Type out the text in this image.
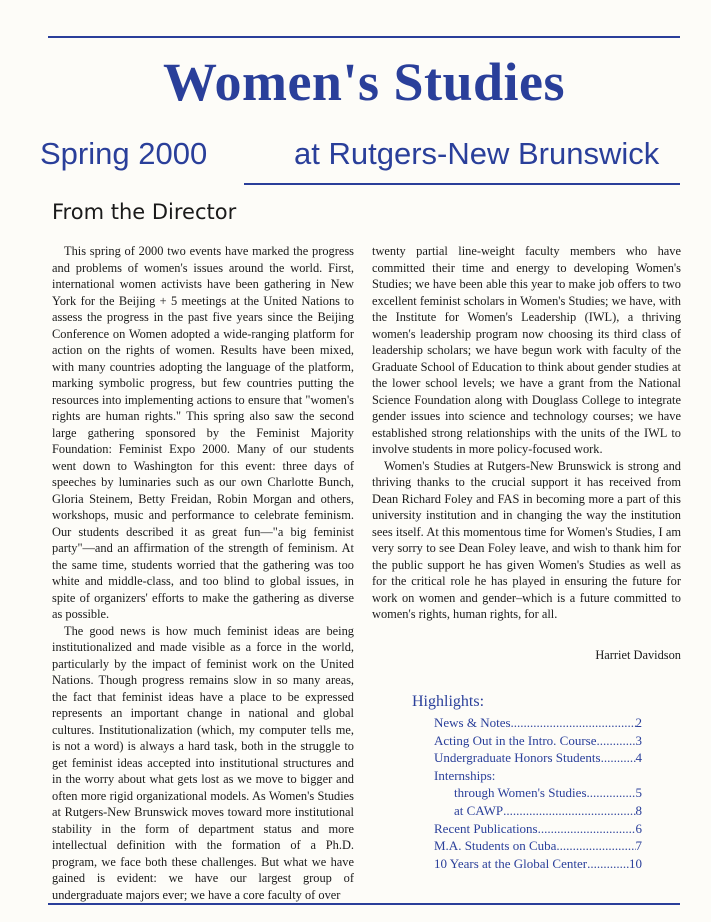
Women's Studies
Spring 2000	at Rutgers-New Brunswick
From the Director

This spring of 2000 two events have marked the progress and problems of women's issues around the world. First, international women activists have been gathering in New York for the Beijing + 5 meetings at the United Nations to assess the progress in the past five years since the Beijing Conference on Women adopted a wide-ranging platform for action on the rights of women. Results have been mixed, with many countries adopting the language of the platform, marking symbolic progress, but few countries putting the resources into implementing actions to ensure that "women's rights are human rights." This spring also saw the second large gathering sponsored by the Feminist Majority Foundation: Feminist Expo 2000. Many of our students went down to Washington for this event: three days of speeches by luminaries such as our own Charlotte Bunch, Gloria Steinem, Betty Freidan, Robin Morgan and others, workshops, music and performance to celebrate feminism. Our students described it as great fun—"a big feminist party"—and an affirmation of the strength of feminism. At the same time, students worried that the gathering was too white and middle-class, and too blind to global issues, in spite of organizers' efforts to make the gathering as diverse as possible.

The good news is how much feminist ideas are being institutionalized and made visible as a force in the world, particularly by the impact of feminist work on the United Nations. Though progress remains slow in so many areas, the fact that feminist ideas have a place to be expressed represents an important change in national and global cultures. Institutionalization (which, my computer tells me, is not a word) is always a hard task, both in the struggle to get feminist ideas accepted into institutional structures and in the worry about what gets lost as we move to bigger and often more rigid organizational models. As Women's Studies at Rutgers-New Brunswick moves toward more institutional stability in the form of department status and more intellectual definition with the formation of a Ph.D. program, we face both these challenges. But what we have gained is evident: we have our largest group of undergraduate majors ever; we have a core faculty of over

twenty partial line-weight faculty members who have committed their time and energy to developing Women's Studies; we have been able this year to make job offers to two excellent feminist scholars in Women's Studies; we have, with the Institute for Women's Leadership (IWL), a thriving women's leadership program now choosing its third class of leadership scholars; we have begun work with faculty of the Graduate School of Education to think about gender studies at the lower school levels; we have a grant from the National Science Foundation along with Douglass College to integrate gender issues into science and technology courses; we have established strong relationships with the units of the IWL to involve students in more policy-focused work.

Women's Studies at Rutgers-New Brunswick is strong and thriving thanks to the crucial support it has received from Dean Richard Foley and FAS in becoming more a part of this university institution and in changing the way the institution sees itself. At this momentous time for Women's Studies, I am very sorry to see Dean Foley leave, and wish to thank him for the public support he has given Women's Studies as well as for the critical role he has played in ensuring the future for work on women and gender–which is a future committed to women's rights, human rights, for all.

Harriet Davidson
Highlights:
News & Notes .....	2
Acting Out in the Intro. Course .....	3
Undergraduate Honors Students .....	4
Internships:
through Women's Studies .....	5
at CAWP .....	8
Recent Publications .....	6
M.A. Students on Cuba .....	7
10 Years at the Global Center .....	10
